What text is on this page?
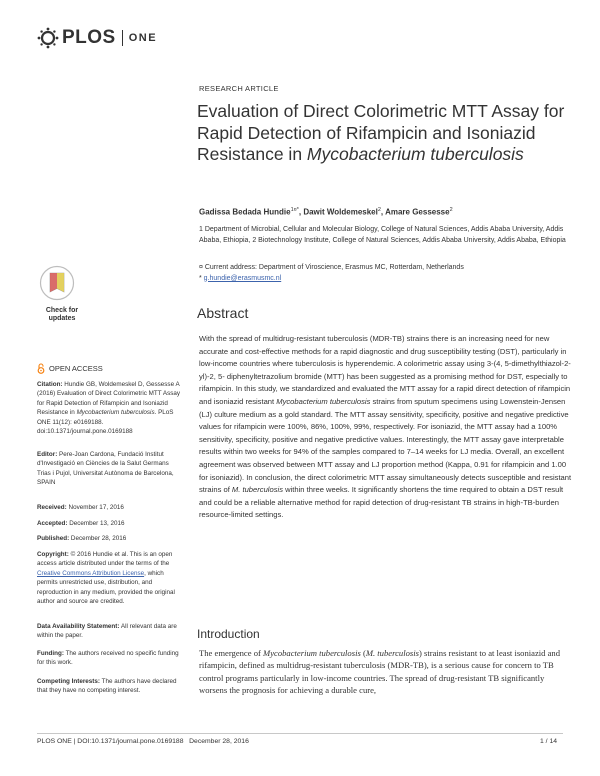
PLOS ONE
RESEARCH ARTICLE
Evaluation of Direct Colorimetric MTT Assay for Rapid Detection of Rifampicin and Isoniazid Resistance in Mycobacterium tuberculosis
Gadissa Bedada Hundie$^{1¤*}$, Dawit Woldemeskel$^2$, Amare Gessesse$^2$
1 Department of Microbial, Cellular and Molecular Biology, College of Natural Sciences, Addis Ababa University, Addis Ababa, Ethiopia, 2 Biotechnology Institute, College of Natural Sciences, Addis Ababa University, Addis Ababa, Ethiopia
¤ Current address: Department of Viroscience, Erasmus MC, Rotterdam, Netherlands
* g.hundie@erasmusmc.nl
Check for
updates	Abstract
With the spread of multidrug-resistant tuberculosis (MDR-TB) strains there is an increasing need for new accurate and cost-effective methods for a rapid diagnostic and drug susceptibility testing (DST), particularly in low-income countries where tuberculosis is hyperendemic. A colorimetric assay using 3-(4, 5-dimethylthiazol-2-yl)-2, 5- diphenyltetrazolium bromide (MTT) has been suggested as a promising method for DST, especially to rifampicin. In this study, we standardized and evaluated the MTT assay for a rapid direct detection of rifampicin and isoniazid resistant Mycobacterium tuberculosis strains from sputum specimens using Lowenstein-Jensen (LJ) culture medium as a gold standard. The MTT assay sensitivity, specificity, positive and negative predictive values for rifampicin were 100%, 86%, 100%, 99%, respectively. For isoniazid, the MTT assay had a 100% sensitivity, specificity, positive and negative predictive values. Interestingly, the MTT assay gave interpretable results within two weeks for 94% of the samples compared to 7–14 weeks for LJ media. Overall, an excellent agreement was observed between MTT assay and LJ proportion method (Kappa, 0.91 for rifampicin and 1.00 for isoniazid). In conclusion, the direct colorimetric MTT assay simultaneously detects susceptible and resistant strains of M. tuberculosis within three weeks. It significantly shortens the time required to obtain a DST result and could be a reliable alternative method for rapid detection of drug-resistant TB strains in high-TB-burden resource-limited settings.
OPEN ACCESS
Citation: Hundie GB, Woldemeskel D, Gessesse A (2016) Evaluation of Direct Colorimetric MTT Assay for Rapid Detection of Rifampicin and Isoniazid Resistance in Mycobacterium tuberculosis. PLoS ONE 11(12): e0169188. doi:10.1371/journal.pone.0169188
Editor: Pere-Joan Cardona, Fundació Institut d'Investigació en Ciències de la Salut Germans Trias i Pujol, Universitat Autònoma de Barcelona, SPAIN
Received: November 17, 2016
Accepted: December 13, 2016
Published: December 28, 2016
Copyright: © 2016 Hundie et al. This is an open access article distributed under the terms of the Creative Commons Attribution License, which permits unrestricted use, distribution, and reproduction in any medium, provided the original author and source are credited.
Data Availability Statement: All relevant data are within the paper.
Funding: The authors received no specific funding for this work.
Competing Interests: The authors have declared that they have no competing interest.
Introduction
The emergence of Mycobacterium tuberculosis (M. tuberculosis) strains resistant to at least isoniazid and rifampicin, defined as multidrug-resistant tuberculosis (MDR-TB), is a serious cause for concern to TB control programs particularly in low-income countries. The spread of drug-resistant TB significantly worsens the prognosis for achieving a durable cure,
PLOS ONE | DOI:10.1371/journal.pone.0169188   December 28, 2016	1 / 14
